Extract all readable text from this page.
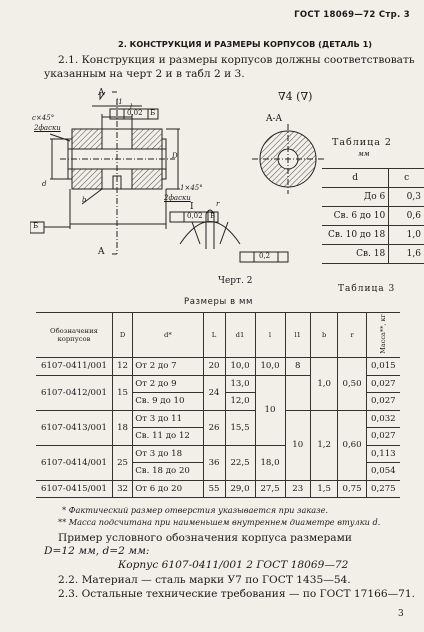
ГОСТ 18069—72 Стр. 3
2. КОНСТРУКЦИЯ И РАЗМЕРЫ КОРПУСОВ (ДЕТАЛЬ 1)
2.1. Конструкция и размеры корпусов должны соответствовать
указанным на черт 2 и в табл 2 и 3.
c×45°
2фаски
A
A
l1
l
0,02 Б
0,02 Б
0,2
Б
1×45°
2фаски
D
d
b	r
I
A-A
∇4 (∇)
Черт. 2
Таблица 2
мм
d	c
До 6	0,3
Св. 6 до 10	0,6
Св. 10 до 18	1,0
Св. 18	1,6
Таблица 3
Размеры в мм
Обозначения корпусов	D	d*	L	d1	l	l1	b	r	Масса**, кг
6107-0411/001	12	От 2 до 7	20	10,0	10,0	8	1,0	0,50	0,015
6107-0412/001	15	От 2 до 9	24	13,0	10				0,027
		Св. 9 до 10		12,0					0,027
6107-0413/001	18	От 3 до 11	26	15,5		10	1,2	0,60	0,032
		Св. 11 до 12							0,027
6107-0414/001	25	От 3 до 18	36	22,5	18,0				0,113
		Св. 18 до 20							0,054
6107-0415/001	32	От 6 до 20	55	29,0	27,5	23	1,5	0,75	0,275
* Фактический размер отверстия указывается при заказе.
** Масса подсчитана при наименьшем внутреннем диаметре втулки d.
Пример условного обозначения корпуса размерами
D=12 мм, d=2 мм:
Корпус 6107-0411/001 2 ГОСТ 18069—72
2.2. Материал — сталь марки У7 по ГОСТ 1435—54.
2.3. Остальные технические требования — по ГОСТ 17166—71.
3
